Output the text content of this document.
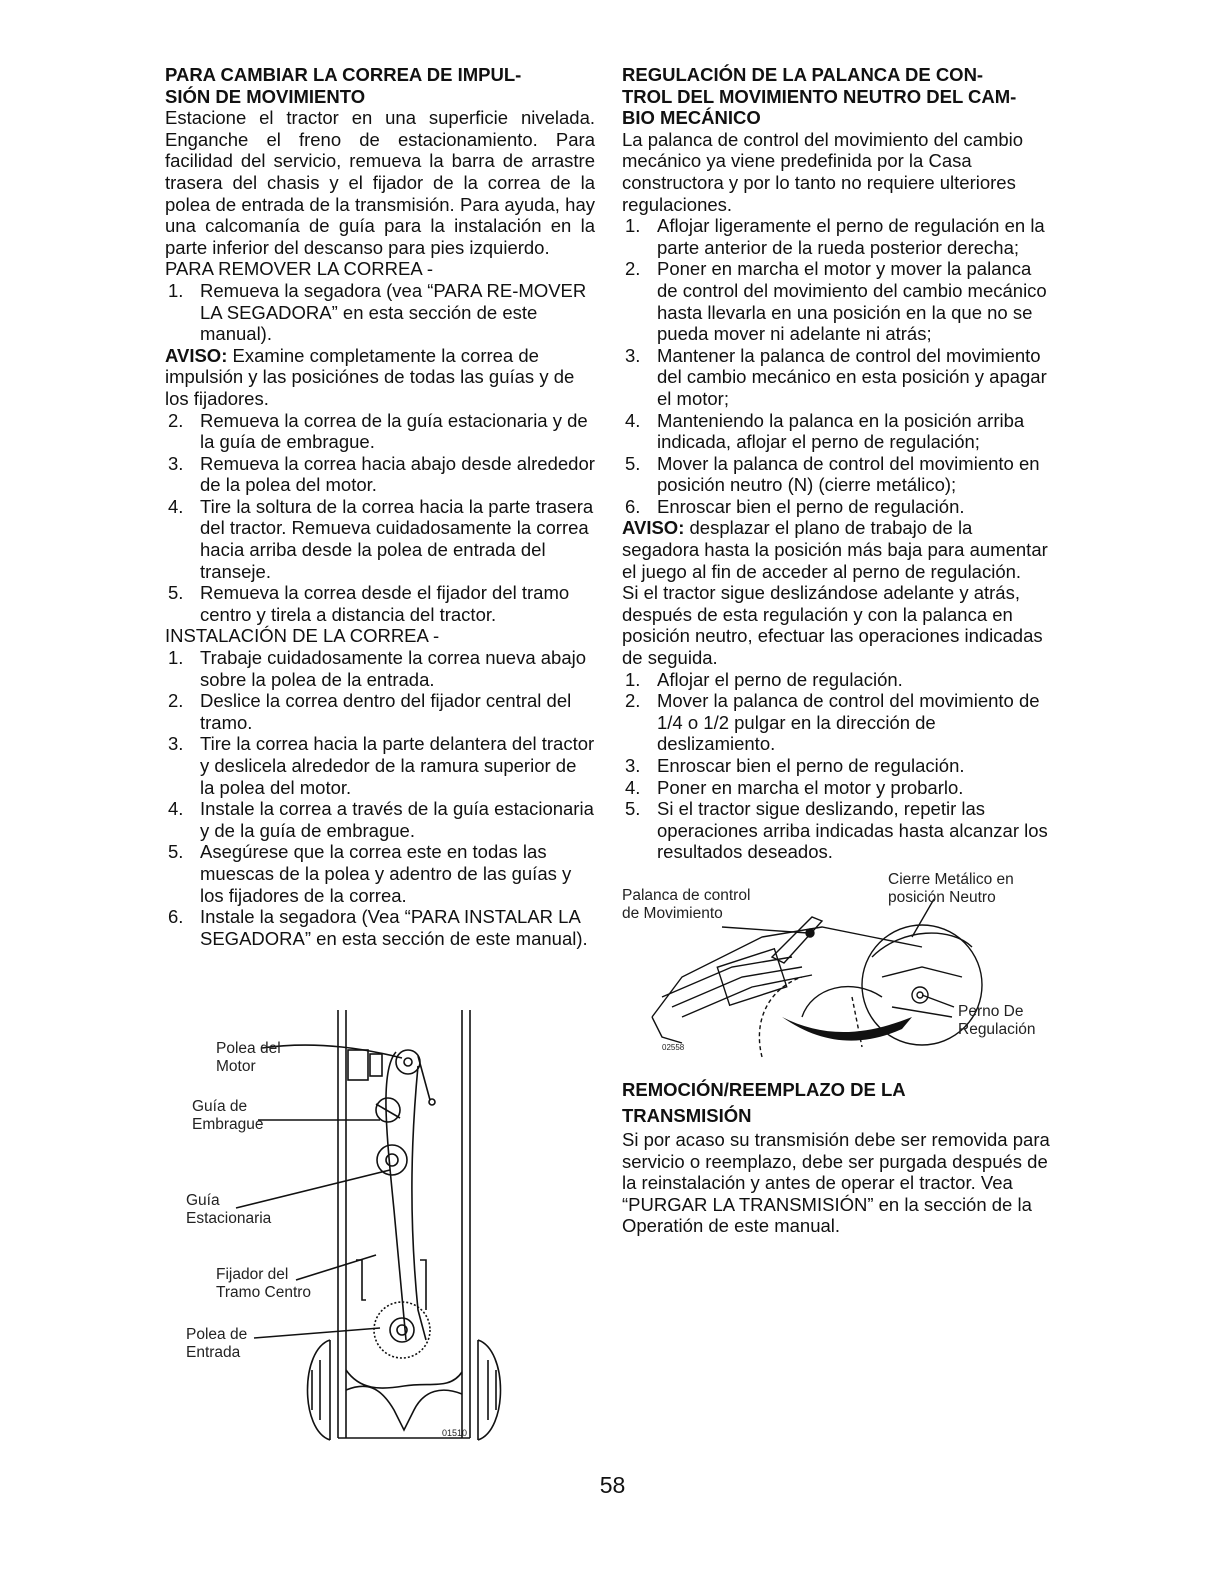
PARA CAMBIAR LA CORREA DE IMPUL-
SIÓN DE MOVIMIENTO

Estacione el tractor en una superficie nivelada. Enganche el freno de estacionamiento. Para facilidad del servicio, remueva la barra de arrastre trasera del chasis y el fijador de la correa de la polea de entrada de la transmisión. Para ayuda, hay una calcomanía de guía para la instalación en la parte inferior del descanso para pies izquierdo.

PARA REMOVER LA CORREA -

1. Remueva la segadora (vea “PARA RE-MOVER LA SEGADORA” en esta sección de este manual).

AVISO: Examine completamente la correa de impulsión y las posiciónes de todas las guías y de los fijadores.

2. Remueva la correa de la guía estacionaria y de la guía de embrague.
3. Remueva la correa hacia abajo desde alrededor de la polea del motor.
4. Tire la soltura de la correa hacia la parte trasera del tractor. Remueva cuidadosamente la correa hacia arriba desde la polea de entrada del transeje.
5. Remueva la correa desde el fijador del tramo centro y tirela a distancia del tractor.

INSTALACIÓN DE LA CORREA -

1. Trabaje cuidadosamente la correa nueva abajo sobre la polea de la entrada.
2. Deslice la correa dentro del fijador central del tramo.
3. Tire la correa hacia la parte delantera del tractor y deslicela alrededor de la ramura superior de la polea del motor.
4. Instale la correa a través de la guía estacionaria y de la guía de embrague.
5. Asegúrese que la correa este en todas las muescas de la polea y adentro de las guías y los fijadores de la correa.
6. Instale la segadora (Vea “PARA INSTALAR LA SEGADORA” en esta sección de este manual).
Polea del
Motor
Guía de
Embrague
Guía
Estacionaria
Fijador del
Tramo Centro
Polea de
Entrada
01510
REGULACIÓN DE LA PALANCA DE CON-
TROL DEL MOVIMIENTO NEUTRO DEL CAM-
BIO MECÁNICO

La palanca de control del movimiento del cambio mecánico ya viene predefinida por la Casa constructora y por lo tanto no requiere ulteriores regulaciones.

1. Aflojar ligeramente el perno de regulación en la parte anterior de la rueda posterior derecha;
2. Poner en marcha el motor y mover la palanca de control del movimiento del cambio mecánico hasta llevarla en una posición en la que no se pueda mover ni adelante ni atrás;
3. Mantener la palanca de control del movimiento del cambio mecánico en esta posición y apagar el motor;
4. Manteniendo la palanca en la posición arriba indicada, aflojar el perno de regulación;
5. Mover la palanca de control del movimiento en posición neutro (N) (cierre metálico);
6. Enroscar bien el perno de regulación.

AVISO: desplazar el plano de trabajo de la segadora hasta la posición más baja para aumentar el juego al fin de acceder al perno de regulación.

Si el tractor sigue deslizándose adelante y atrás, después de esta regulación y con la palanca en posición neutro, efectuar las operaciones indicadas de seguida.

1. Aflojar el perno de regulación.
2. Mover la palanca de control del movimiento de 1/4 o 1/2 pulgar en la dirección de deslizamiento.
3. Enroscar bien el perno de regulación.
4. Poner en marcha el motor y probarlo.
5. Si el tractor sigue deslizando, repetir las operaciones arriba indicadas hasta alcanzar los resultados deseados.
Palanca de control
de Movimiento
Cierre Metálico en
posición Neutro
Perno De
Regulación
02558
REMOCIÓN/REEMPLAZO DE LA
TRANSMISIÓN

Si por acaso su transmisión debe ser removida para servicio o reemplazo, debe ser purgada después de la reinstalación y antes de operar el tractor. Vea “PURGAR LA TRANSMISIÓN” en la sección de la Operatión de este manual.

58
